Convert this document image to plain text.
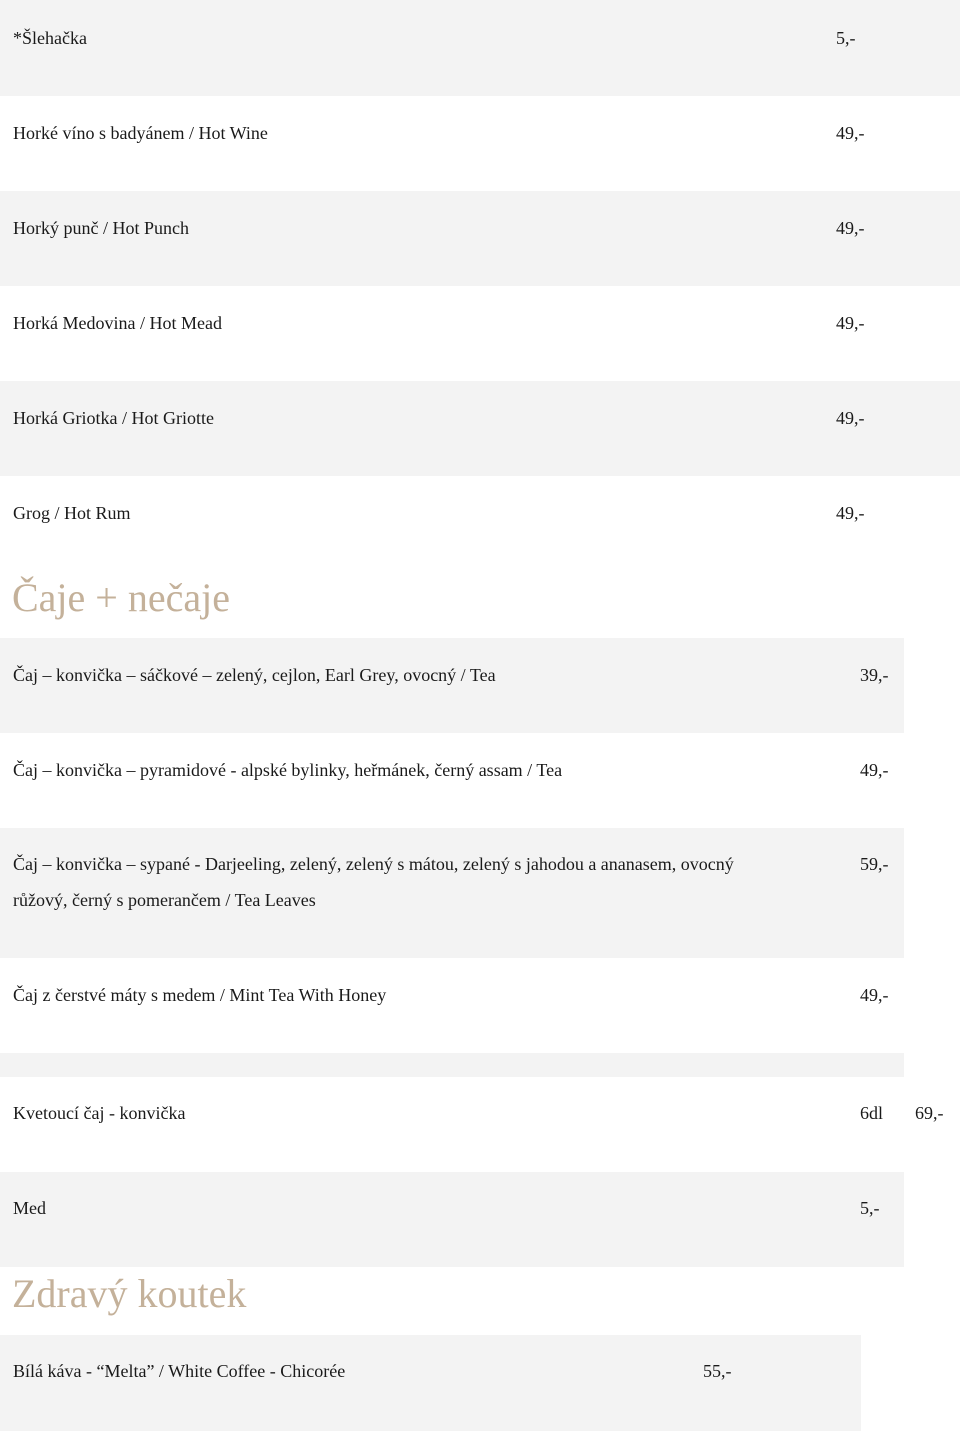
*Šlehačka	5,-
Horké víno s badyánem / Hot Wine	49,-
Horký punč / Hot Punch	49,-
Horká Medovina / Hot Mead	49,-
Horká Griotka / Hot Griotte	49,-
Grog / Hot Rum	49,-
Čaje + nečaje
Čaj – konvička – sáčkové – zelený, cejlon, Earl Grey, ovocný / Tea	39,-
Čaj – konvička – pyramidové - alpské bylinky, heřmánek, černý assam / Tea	49,-
Čaj – konvička – sypané - Darjeeling, zelený, zelený s mátou, zelený s jahodou a ananasem, ovocný
růžový, černý s pomerančem / Tea Leaves
59,-
Čaj z čerstvé máty s medem / Mint Tea With Honey	49,-
Kvetoucí čaj - konvička	6dl 69,-
Med	5,-
Zdravý koutek
Bílá káva - “Melta” / White Coffee - Chicorée	55,-
